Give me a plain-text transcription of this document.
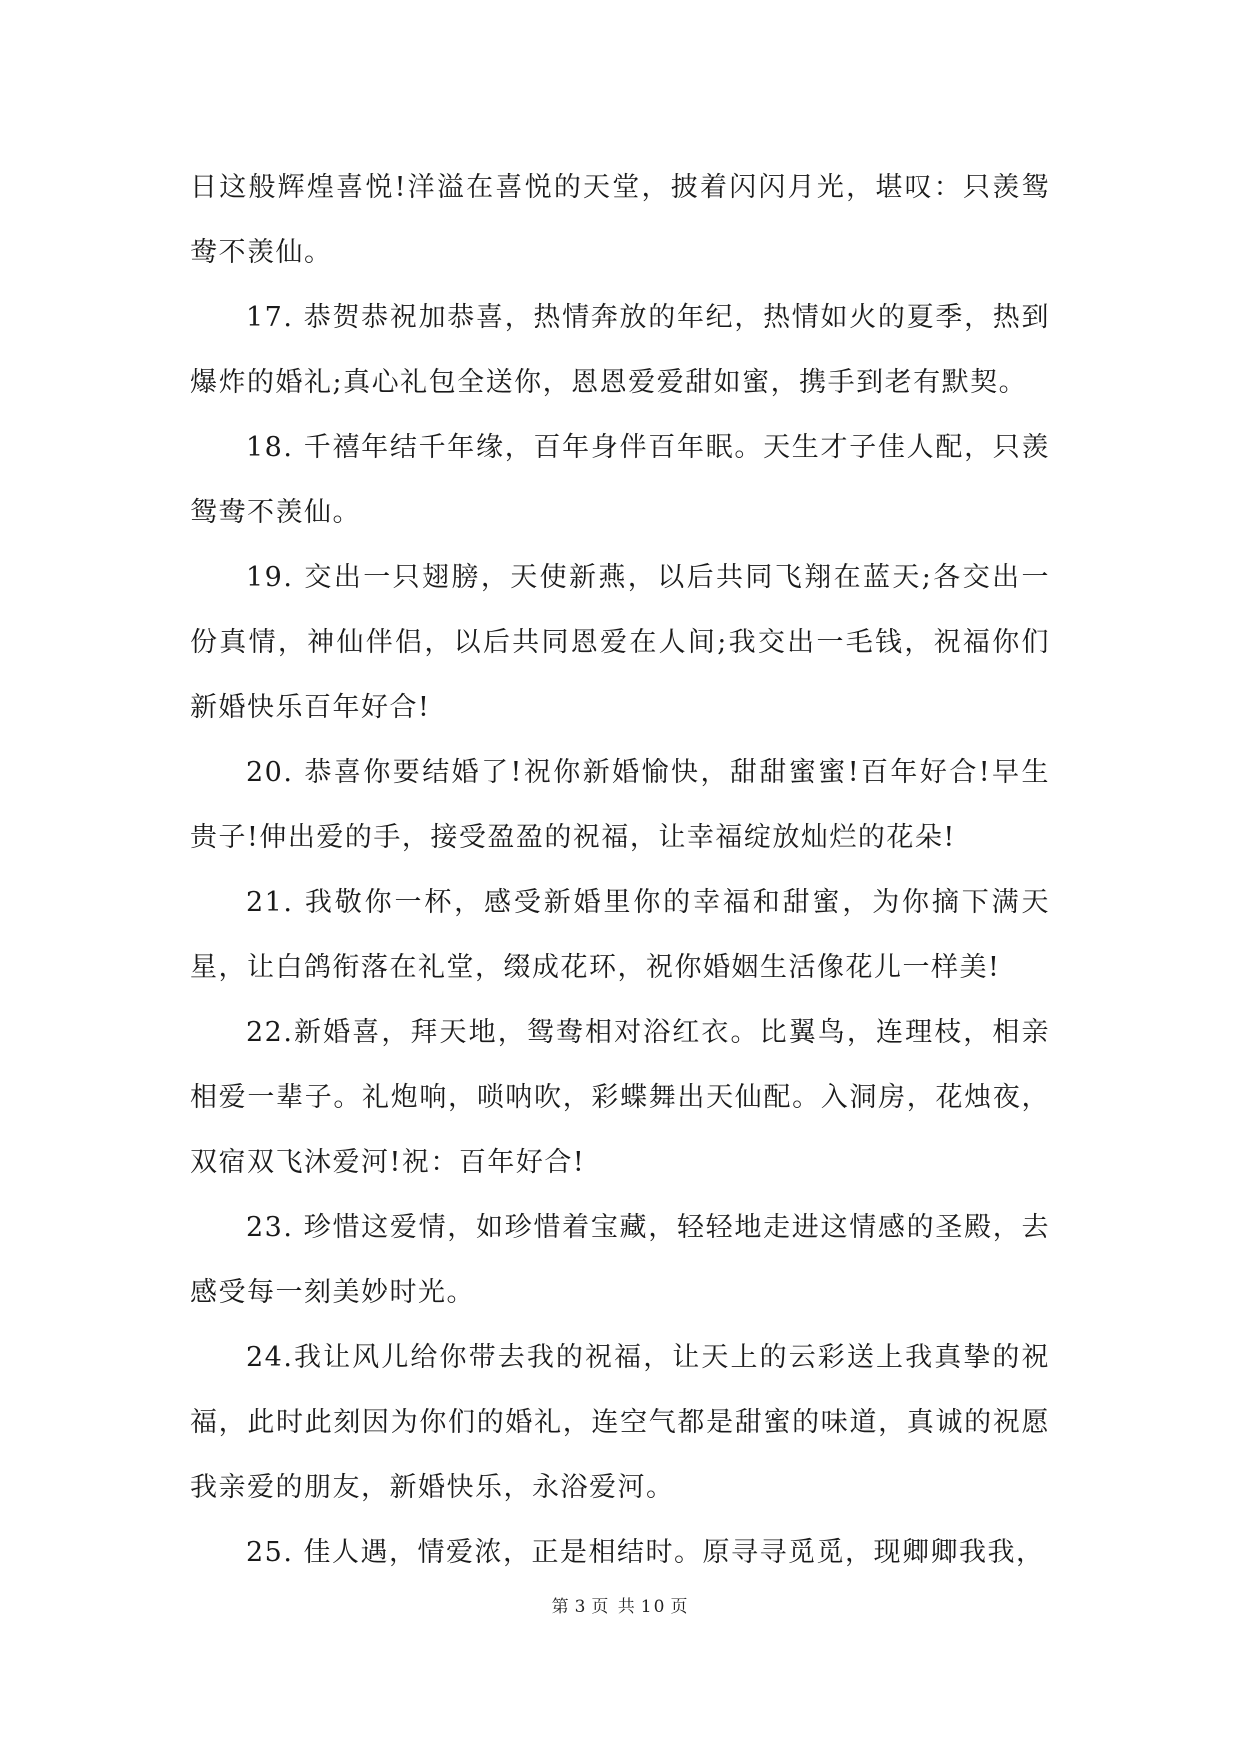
日这般辉煌喜悦!洋溢在喜悦的天堂，披着闪闪月光，堪叹：只羡鸳鸯不羡仙。

17. 恭贺恭祝加恭喜，热情奔放的年纪，热情如火的夏季，热到爆炸的婚礼;真心礼包全送你，恩恩爱爱甜如蜜，携手到老有默契。

18. 千禧年结千年缘，百年身伴百年眠。天生才子佳人配，只羡鸳鸯不羡仙。

19. 交出一只翅膀，天使新燕，以后共同飞翔在蓝天;各交出一份真情，神仙伴侣，以后共同恩爱在人间;我交出一毛钱，祝福你们新婚快乐百年好合!

20. 恭喜你要结婚了!祝你新婚愉快，甜甜蜜蜜!百年好合!早生贵子!伸出爱的手，接受盈盈的祝福，让幸福绽放灿烂的花朵!

21. 我敬你一杯，感受新婚里你的幸福和甜蜜，为你摘下满天星，让白鸽衔落在礼堂，缀成花环，祝你婚姻生活像花儿一样美!

22.新婚喜，拜天地，鸳鸯相对浴红衣。比翼鸟，连理枝，相亲相爱一辈子。礼炮响，唢呐吹，彩蝶舞出天仙配。入洞房，花烛夜，双宿双飞沐爱河!祝：百年好合!

23. 珍惜这爱情，如珍惜着宝藏，轻轻地走进这情感的圣殿，去感受每一刻美妙时光。

24.我让风儿给你带去我的祝福，让天上的云彩送上我真挚的祝福，此时此刻因为你们的婚礼，连空气都是甜蜜的味道，真诚的祝愿我亲爱的朋友，新婚快乐，永浴爱河。

25. 佳人遇，情爱浓，正是相结时。原寻寻觅觅，现卿卿我我，

第 3 页 共 10 页
